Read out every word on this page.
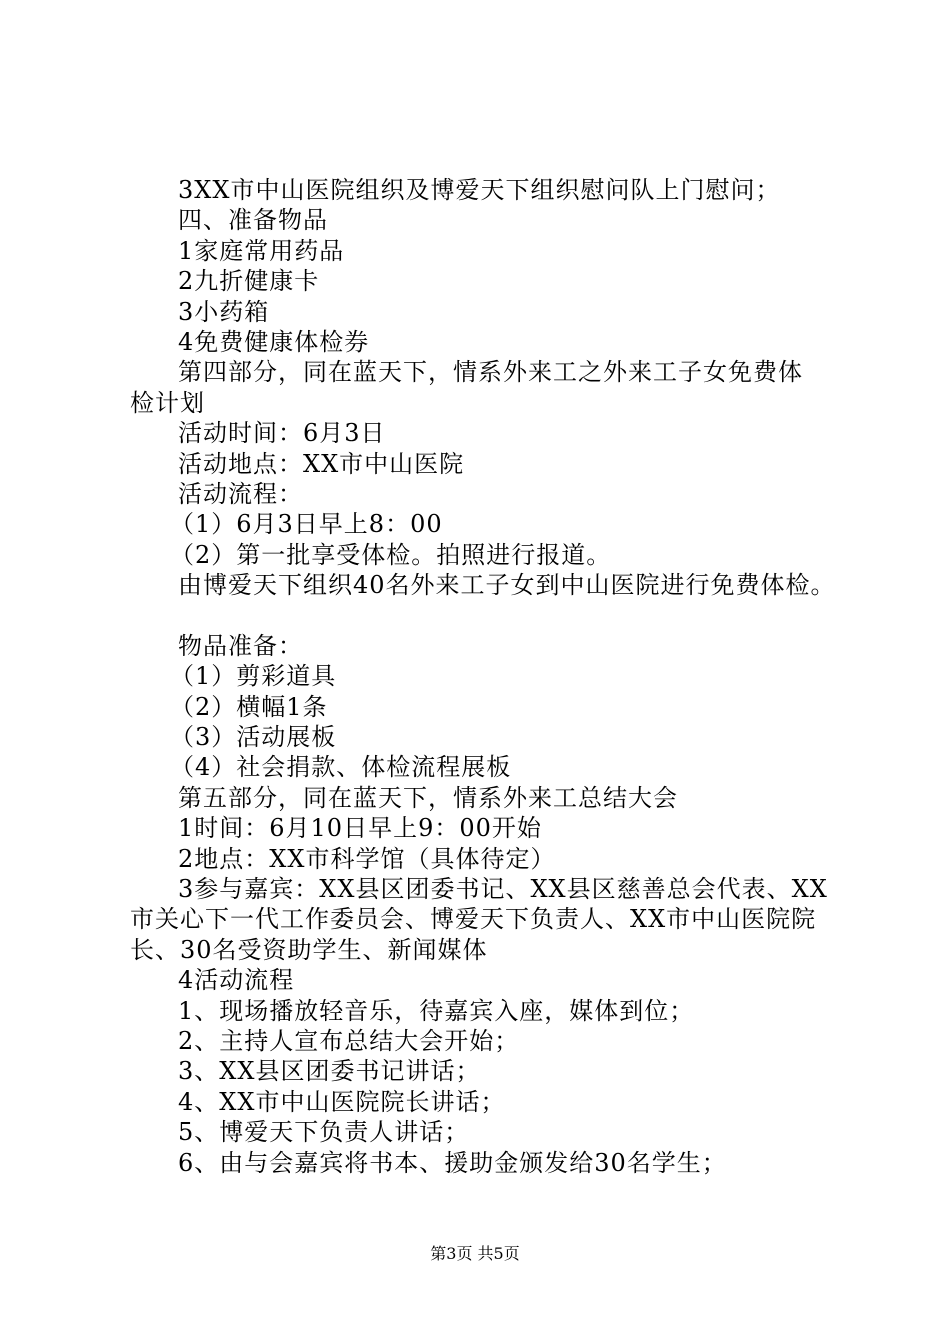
3XX市中山医院组织及博爱天下组织慰问队上门慰问；
四、准备物品
1家庭常用药品
2九折健康卡
3小药箱
4免费健康体检券
第四部分，同在蓝天下，情系外来工之外来工子女免费体
检计划
活动时间：6月3日
活动地点：XX市中山医院
活动流程：
（1）6月3日早上8：00
（2）第一批享受体检。拍照进行报道。
由博爱天下组织40名外来工子女到中山医院进行免费体检。
物品准备：
（1）剪彩道具
（2）横幅1条
（3）活动展板
（4）社会捐款、体检流程展板
第五部分，同在蓝天下，情系外来工总结大会
1时间：6月10日早上9：00开始
2地点：XX市科学馆（具体待定）
3参与嘉宾：XX县区团委书记、XX县区慈善总会代表、XX
市关心下一代工作委员会、博爱天下负责人、XX市中山医院院
长、30名受资助学生、新闻媒体
4活动流程
1、现场播放轻音乐，待嘉宾入座，媒体到位；
2、主持人宣布总结大会开始；
3、XX县区团委书记讲话；
4、XX市中山医院院长讲话；
5、博爱天下负责人讲话；
6、由与会嘉宾将书本、援助金颁发给30名学生；
第3页 共5页
